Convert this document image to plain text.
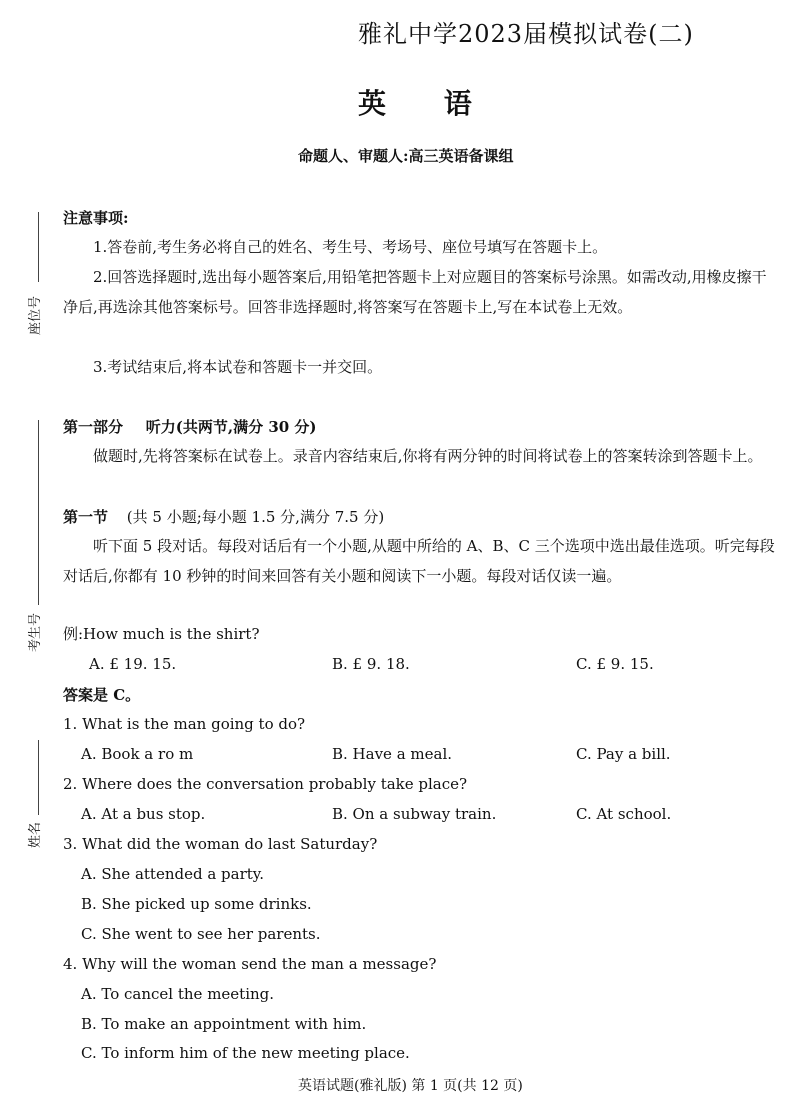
雅礼中学2023届模拟试卷(二)
英 语
命题人、审题人:高三英语备课组
座位号
考生号
姓名
注意事项:
1.答卷前,考生务必将自己的姓名、考生号、考场号、座位号填写在答题卡上。
2.回答选择题时,选出每小题答案后,用铅笔把答题卡上对应题目的答案标号涂黑。如需改动,用橡皮擦干净后,再选涂其他答案标号。回答非选择题时,将答案写在答题卡上,写在本试卷上无效。
3.考试结束后,将本试卷和答题卡一并交回。
第一部分 听力(共两节,满分 30 分)
做题时,先将答案标在试卷上。录音内容结束后,你将有两分钟的时间将试卷上的答案转涂到答题卡上。
第一节 (共 5 小题;每小题 1.5 分,满分 7.5 分)
听下面 5 段对话。每段对话后有一个小题,从题中所给的 A、B、C 三个选项中选出最佳选项。听完每段对话后,你都有 10 秒钟的时间来回答有关小题和阅读下一小题。每段对话仅读一遍。
例:How much is the shirt?
A. £ 19. 15.	B. £ 9. 18.	C. £ 9. 15.
答案是 C。
1. What is the man going to do?
A. Book a ro m	B. Have a meal.	C. Pay a bill.
2. Where does the conversation probably take place?
A. At a bus stop.	B. On a subway train.	C. At school.
3. What did the woman do last Saturday?
A. She attended a party.
B. She picked up some drinks.
C. She went to see her parents.
4. Why will the woman send the man a message?
A. To cancel the meeting.
B. To make an appointment with him.
C. To inform him of the new meeting place.
英语试题(雅礼版) 第 1 页(共 12 页)
